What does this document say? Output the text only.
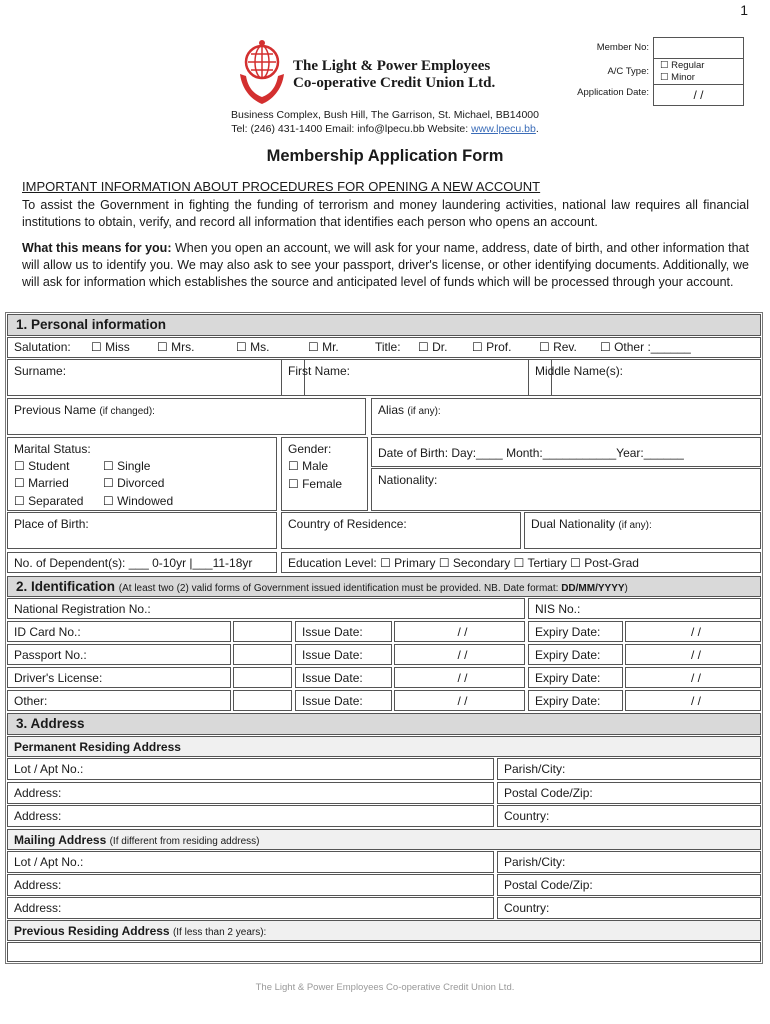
1
The Light & Power Employees
Co-operative Credit Union Ltd.
Member No:
A/C Type:
☐ Regular
☐ Minor
Application Date:	/ /
Business Complex, Bush Hill, The Garrison, St. Michael, BB14000
Tel: (246) 431-1400 Email: info@lpecu.bb Website: www.lpecu.bb.
Membership Application Form
IMPORTANT INFORMATION ABOUT PROCEDURES FOR OPENING A NEW ACCOUNT
To assist the Government in fighting the funding of terrorism and money laundering activities, national law requires all financial institutions to obtain, verify, and record all information that identifies each person who opens an account.
What this means for you: When you open an account, we will ask for your name, address, date of birth, and other information that will allow us to identify you. We may also ask to see your passport, driver's license, or other identifying documents. Additionally, we will ask for information which establishes the source and anticipated level of funds which will be processed through your account.
1. Personal information
Salutation: ☐ Miss ☐ Mrs.	☐ Ms.	☐ Mr.	Title: ☐ Dr. ☐ Prof. ☐ Rev. ☐ Other :______
Surname:	First Name:	Middle Name(s):
Previous Name (if changed):	Alias (if any):
Marital Status:
☐ Student	☐ Single
☐ Married	☐ Divorced
☐ Separated ☐ Windowed
Gender:
☐ Male
☐ Female
Date of Birth: Day:____ Month:___________Year:______
Nationality:
Place of Birth:	Country of Residence:	Dual Nationality (if any):
No. of Dependent(s): ___ 0-10yr |___11-18yr	Education Level: ☐ Primary ☐ Secondary ☐ Tertiary ☐ Post-Grad
2. Identification (At least two (2) valid forms of Government issued identification must be provided. NB. Date format: DD/MM/YYYY)
National Registration No.:	NIS No.:
ID Card No.:	Issue Date:	/ /	Expiry Date:	/ /
Passport No.:	Issue Date:	/ /	Expiry Date:	/ /
Driver's License:	Issue Date:	/ /	Expiry Date:	/ /
Other:	Issue Date:	/ /	Expiry Date:	/ /
3. Address
Permanent Residing Address
Lot / Apt No.:	Parish/City:
Address:	Postal Code/Zip:
Address:	Country:
Mailing Address (If different from residing address)
Lot / Apt No.:	Parish/City:
Address:	Postal Code/Zip:
Address:	Country:
Previous Residing Address (If less than 2 years):
The Light & Power Employees Co-operative Credit Union Ltd.
